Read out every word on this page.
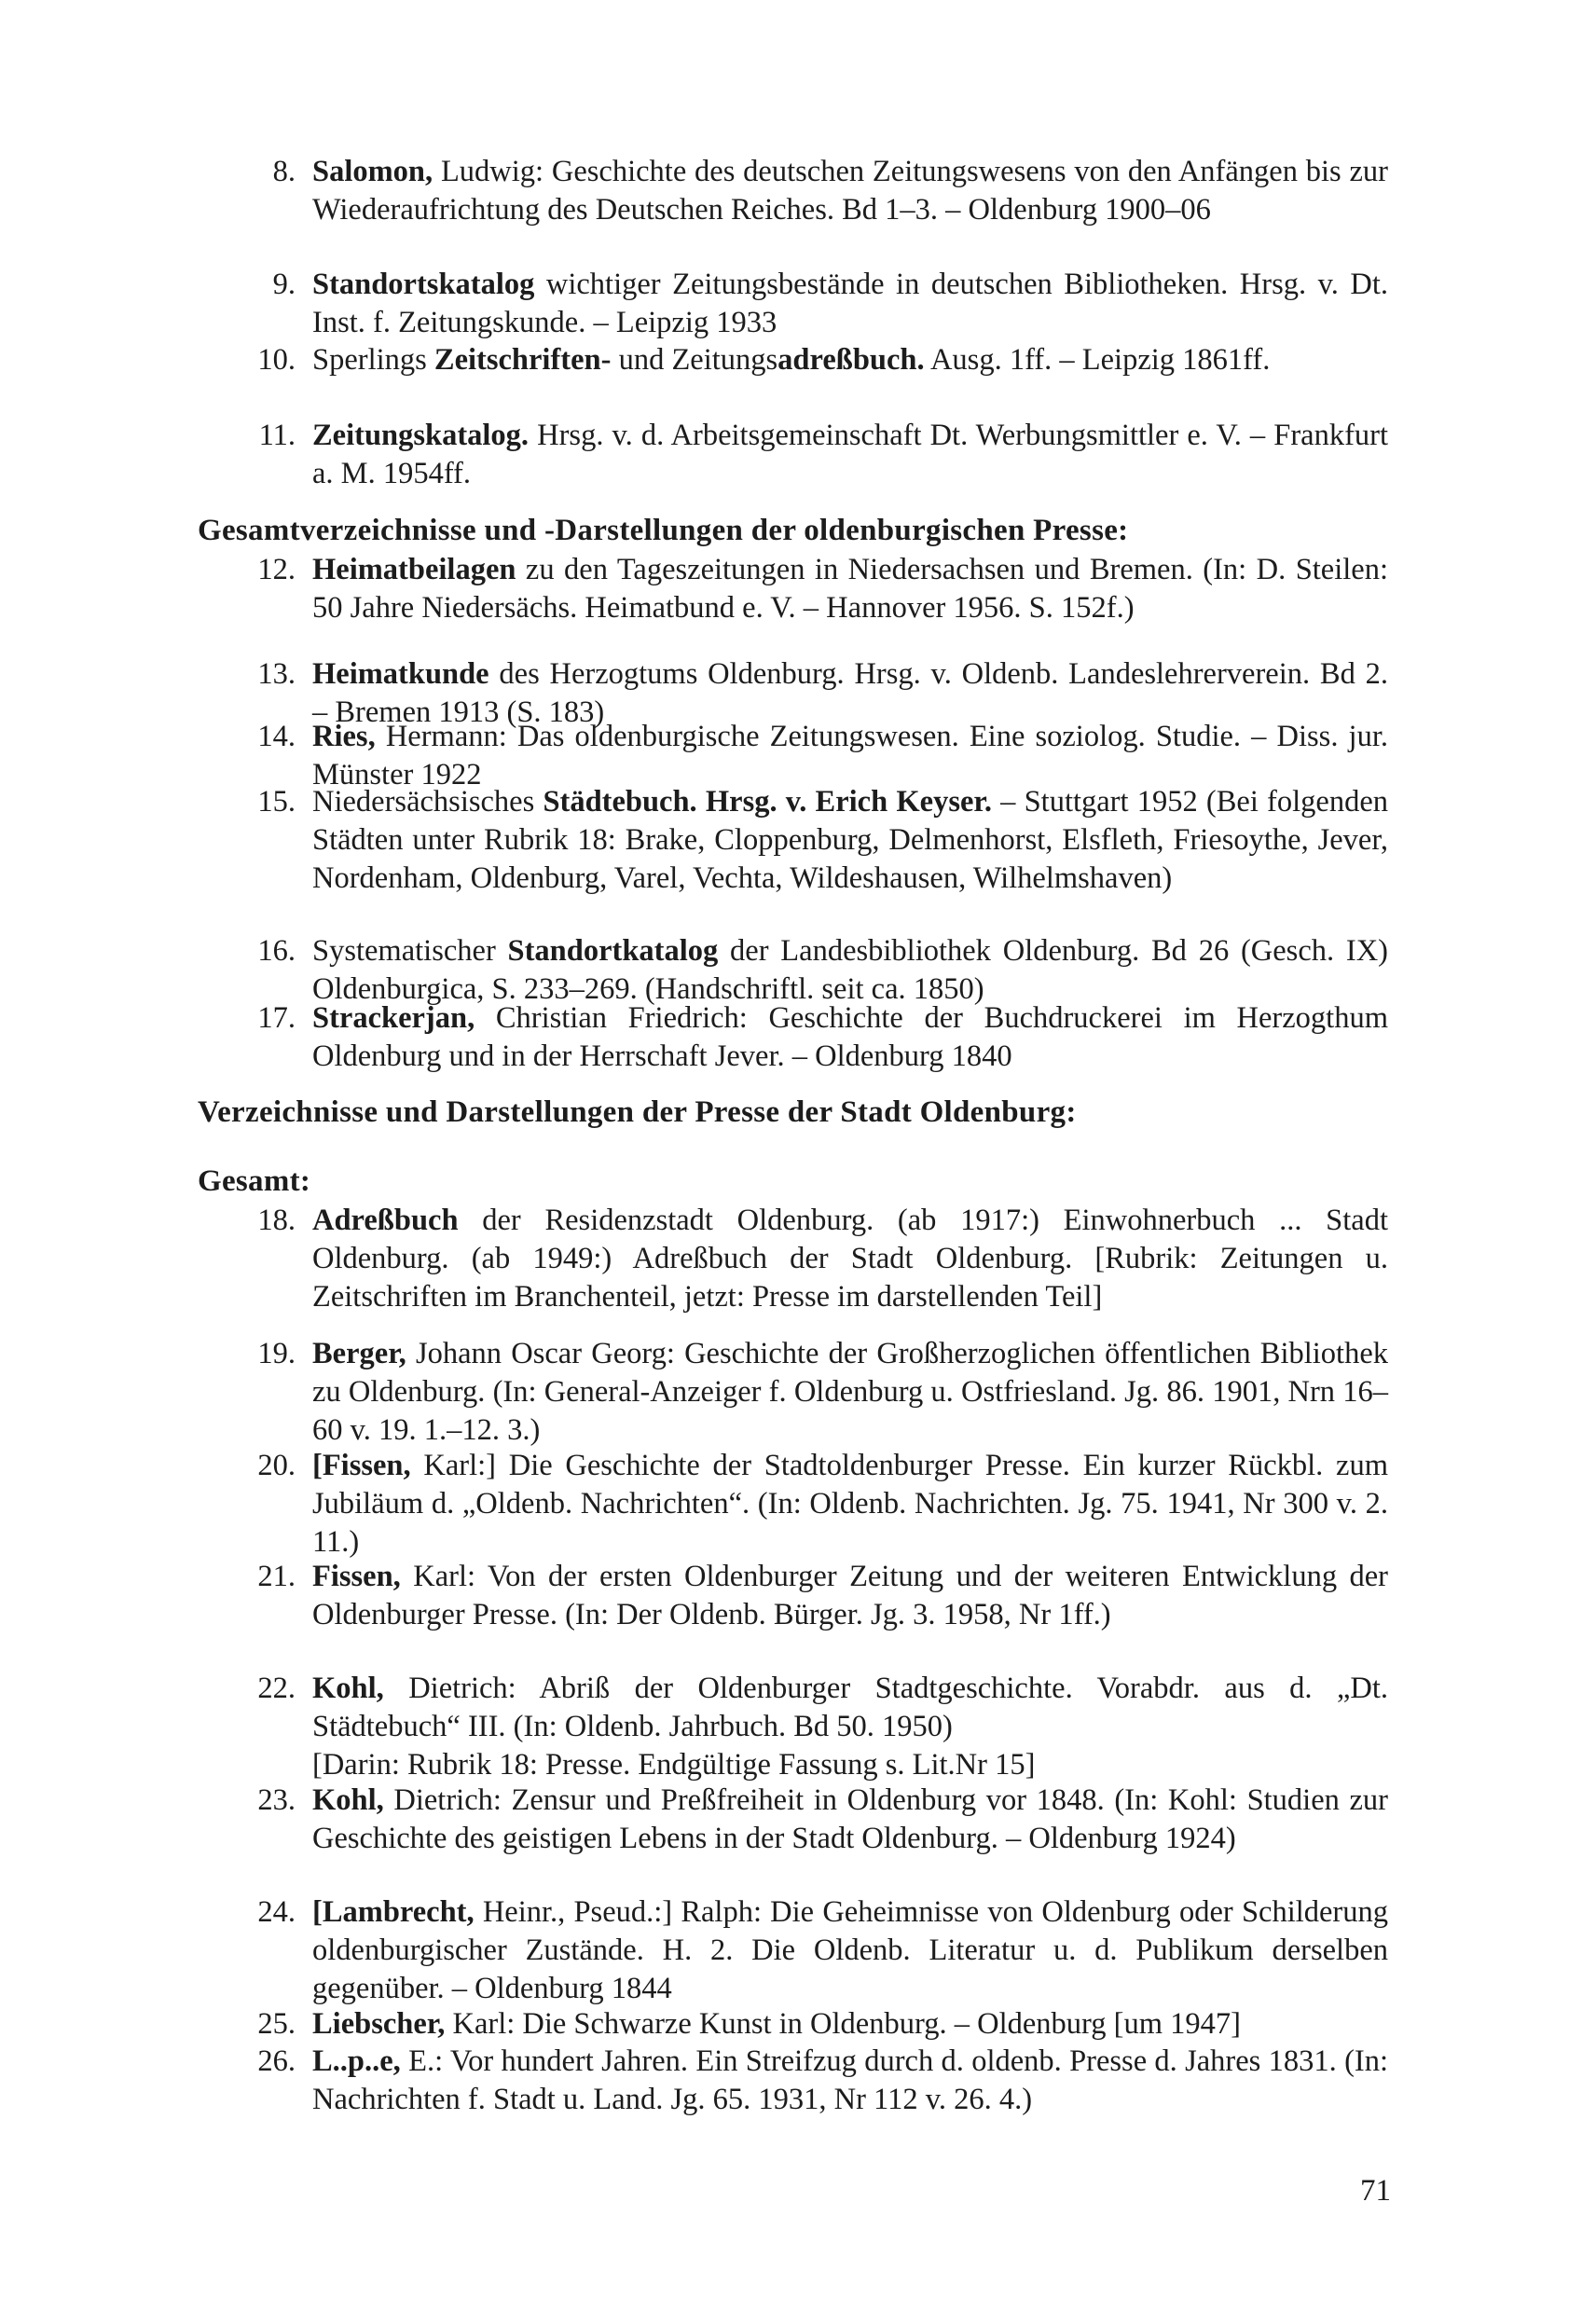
8. Salomon, Ludwig: Geschichte des deutschen Zeitungswesens von den Anfängen bis zur Wiederaufrichtung des Deutschen Reiches. Bd 1–3. – Oldenburg 1900–06
9. Standortskatalog wichtiger Zeitungsbestände in deutschen Bibliotheken. Hrsg. v. Dt. Inst. f. Zeitungskunde. – Leipzig 1933
10. Sperlings Zeitschriften- und Zeitungsadreßbuch. Ausg. 1ff. – Leipzig 1861ff.
11. Zeitungskatalog. Hrsg. v. d. Arbeitsgemeinschaft Dt. Werbungsmittler e. V. – Frankfurt a. M. 1954ff.
Gesamtverzeichnisse und -Darstellungen der oldenburgischen Presse:
12. Heimatbeilagen zu den Tageszeitungen in Niedersachsen und Bremen. (In: D. Steilen: 50 Jahre Niedersächs. Heimatbund e. V. – Hannover 1956. S. 152f.)
13. Heimatkunde des Herzogtums Oldenburg. Hrsg. v. Oldenb. Landeslehrerverein. Bd 2. – Bremen 1913 (S. 183)
14. Ries, Hermann: Das oldenburgische Zeitungswesen. Eine soziolog. Studie. – Diss. jur. Münster 1922
15. Niedersächsisches Städtebuch. Hrsg. v. Erich Keyser. – Stuttgart 1952 (Bei folgenden Städten unter Rubrik 18: Brake, Cloppenburg, Delmenhorst, Elsfleth, Friesoythe, Jever, Nordenham, Oldenburg, Varel, Vechta, Wildeshausen, Wilhelmshaven)
16. Systematischer Standortkatalog der Landesbibliothek Oldenburg. Bd 26 (Gesch. IX) Oldenburgica, S. 233–269. (Handschriftl. seit ca. 1850)
17. Strackerjan, Christian Friedrich: Geschichte der Buchdruckerei im Herzogthum Oldenburg und in der Herrschaft Jever. – Oldenburg 1840
Verzeichnisse und Darstellungen der Presse der Stadt Oldenburg:
Gesamt:
18. Adreßbuch der Residenzstadt Oldenburg. (ab 1917:) Einwohnerbuch ... Stadt Oldenburg. (ab 1949:) Adreßbuch der Stadt Oldenburg. [Rubrik: Zeitungen u. Zeitschriften im Branchenteil, jetzt: Presse im darstellenden Teil]
19. Berger, Johann Oscar Georg: Geschichte der Großherzoglichen öffentlichen Bibliothek zu Oldenburg. (In: General-Anzeiger f. Oldenburg u. Ostfriesland. Jg. 86. 1901, Nrn 16–60 v. 19. 1.–12. 3.)
20. [Fissen, Karl:] Die Geschichte der Stadtoldenburger Presse. Ein kurzer Rückbl. zum Jubiläum d. „Oldenb. Nachrichten“. (In: Oldenb. Nachrichten. Jg. 75. 1941, Nr 300 v. 2. 11.)
21. Fissen, Karl: Von der ersten Oldenburger Zeitung und der weiteren Entwicklung der Oldenburger Presse. (In: Der Oldenb. Bürger. Jg. 3. 1958, Nr 1ff.)
22. Kohl, Dietrich: Abriß der Oldenburger Stadtgeschichte. Vorabdr. aus d. „Dt. Städtebuch“ III. (In: Oldenb. Jahrbuch. Bd 50. 1950)
[Darin: Rubrik 18: Presse. Endgültige Fassung s. Lit.Nr 15]
23. Kohl, Dietrich: Zensur und Preßfreiheit in Oldenburg vor 1848. (In: Kohl: Studien zur Geschichte des geistigen Lebens in der Stadt Oldenburg. – Oldenburg 1924)
24. [Lambrecht, Heinr., Pseud.:] Ralph: Die Geheimnisse von Oldenburg oder Schilderung oldenburgischer Zustände. H. 2. Die Oldenb. Literatur u. d. Publikum derselben gegenüber. – Oldenburg 1844
25. Liebscher, Karl: Die Schwarze Kunst in Oldenburg. – Oldenburg [um 1947]
26. L..p..e, E.: Vor hundert Jahren. Ein Streifzug durch d. oldenb. Presse d. Jahres 1831. (In: Nachrichten f. Stadt u. Land. Jg. 65. 1931, Nr 112 v. 26. 4.)
71
